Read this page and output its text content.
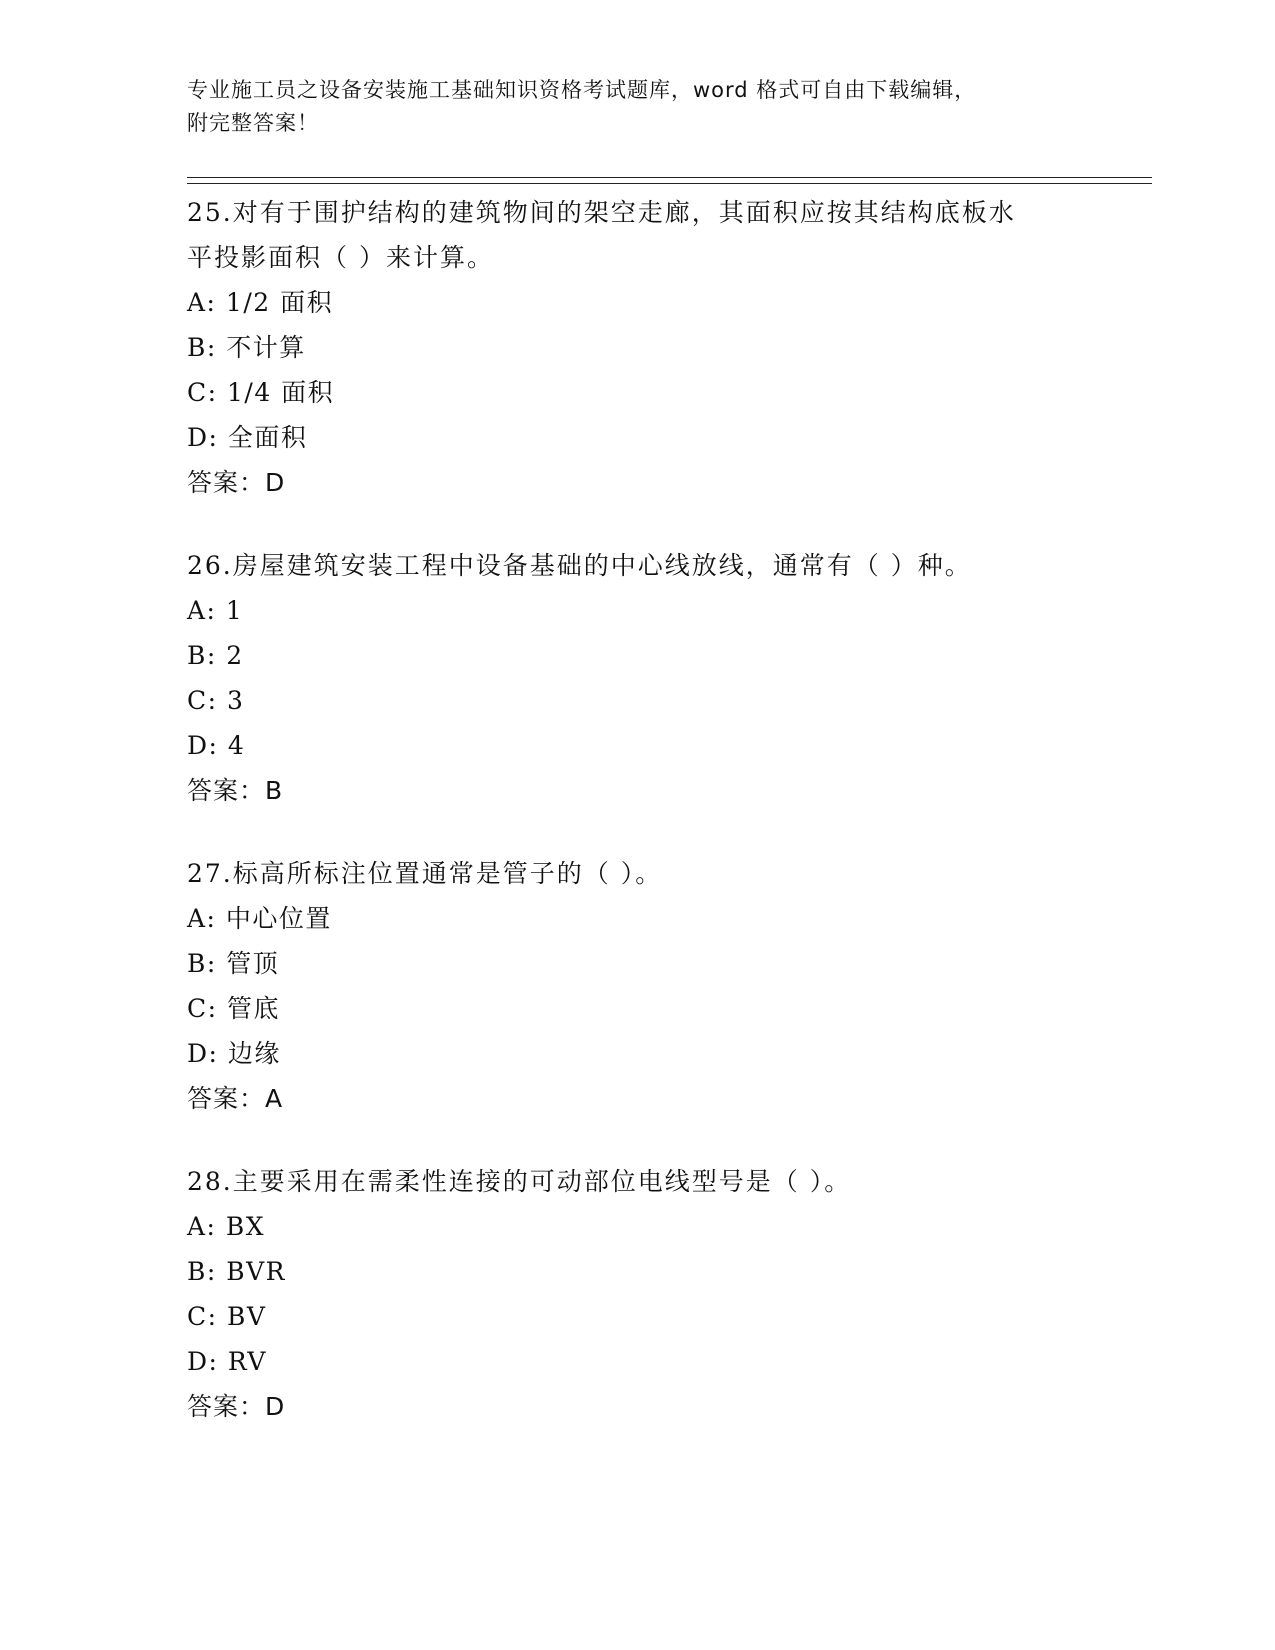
专业施工员之设备安装施工基础知识资格考试题库，word 格式可自由下载编辑，
附完整答案！

25.对有于围护结构的建筑物间的架空走廊，其面积应按其结构底板水

平投影面积（ ）来计算。

A: 1/2 面积

B: 不计算

C: 1/4 面积

D: 全面积

答案：D

26.房屋建筑安装工程中设备基础的中心线放线，通常有（ ）种。

A: 1

B: 2

C: 3

D: 4

答案：B

27.标高所标注位置通常是管子的（ ）。

A: 中心位置

B: 管顶

C: 管底

D: 边缘

答案：A

28.主要采用在需柔性连接的可动部位电线型号是（ ）。

A: BX

B: BVR

C: BV

D: RV

答案：D
